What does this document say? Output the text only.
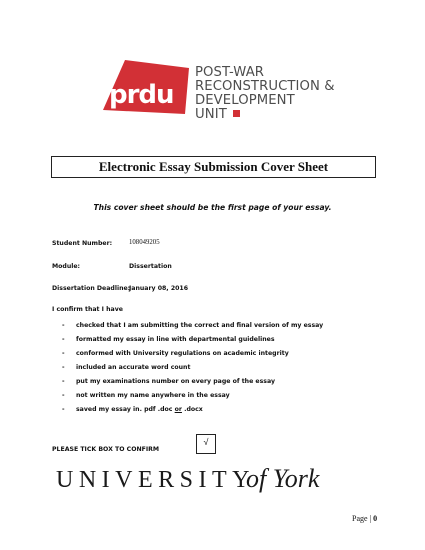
prdu
POST-WAR
RECONSTRUCTION &
DEVELOPMENT
UNIT
Electronic Essay Submission Cover Sheet
This cover sheet should be the first page of your essay.
Student Number: 108049205
Module:	Dissertation
Dissertation Deadline:
January 08, 2016
I confirm that I have
- checked that I am submitting the correct and final version of my essay
- formatted my essay in line with departmental guidelines
- conformed with University regulations on academic integrity
- included an accurate word count
- put my examinations number on every page of the essay
- not written my name anywhere in the essay
- saved my essay in. pdf .doc or .docx
PLEASE TICK BOX TO CONFIRM
√
UNIVERSITY
of York
Page | 0
